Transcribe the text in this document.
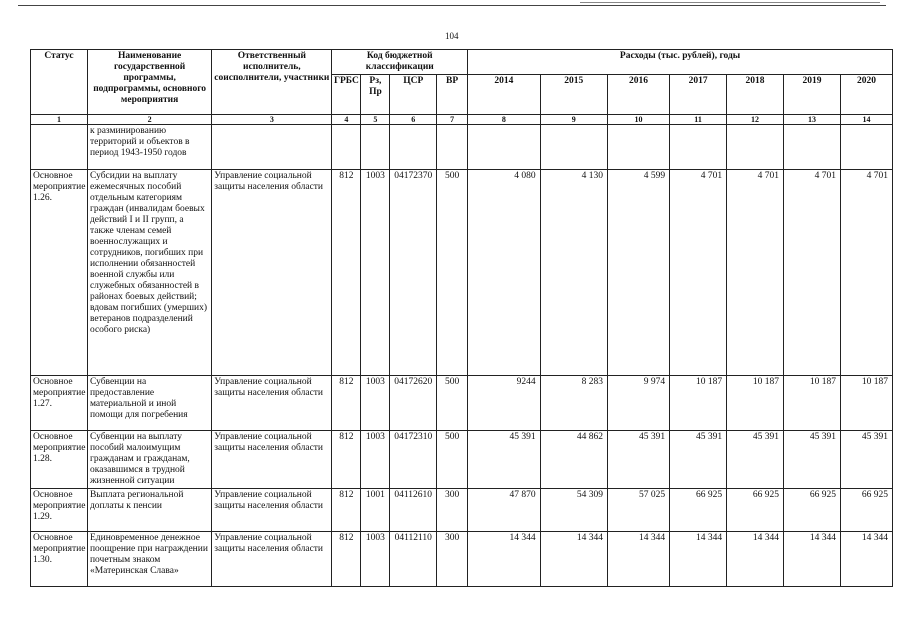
104
Статус	Наименование государственной программы, подпрограммы, основного мероприятия	Ответственный исполнитель, соисполнители, участники	Код бюджетной классификации				Расходы (тыс. рублей), годы						
			ГРБС	Рз, Пр	ЦСР	ВР	2014	2015	2016	2017	2018	2019	2020
1	2	3	4	5	6	7	8	9	10	11	12	13	14
	к разминированию территорий и объектов в период 1943-1950 годов												
Основное мероприятие 1.26.	Субсидии на выплату ежемесячных пособий отдельным категориям граждан (инвалидам боевых действий I и II групп, а также членам семей военнослужащих и сотрудников, погибших при исполнении обязанностей военной службы или служебных обязанностей в районах боевых действий; вдовам погибших (умерших) ветеранов подразделений особого риска)	Управление социальной защиты населения области	812	1003	04172370	500	4 080	4 130	4 599	4 701	4 701	4 701	4 701
Основное мероприятие 1.27.	Субвенции на предоставление материальной и иной помощи для погребения	Управление социальной защиты населения области	812	1003	04172620	500	9244	8 283	9 974	10 187	10 187	10 187	10 187
Основное мероприятие 1.28.	Субвенции на выплату пособий малоимущим гражданам и гражданам, оказавшимся в трудной жизненной ситуации	Управление социальной защиты населения области	812	1003	04172310	500	45 391	44 862	45 391	45 391	45 391	45 391	45 391
Основное мероприятие 1.29.	Выплата региональной доплаты к пенсии	Управление социальной защиты населения области	812	1001	04112610	300	47 870	54 309	57 025	66 925	66 925	66 925	66 925
Основное мероприятие 1.30.	Единовременное денежное поощрение при награждении почетным знаком «Материнская Слава»	Управление социальной защиты населения области	812	1003	04112110	300	14 344	14 344	14 344	14 344	14 344	14 344	14 344
